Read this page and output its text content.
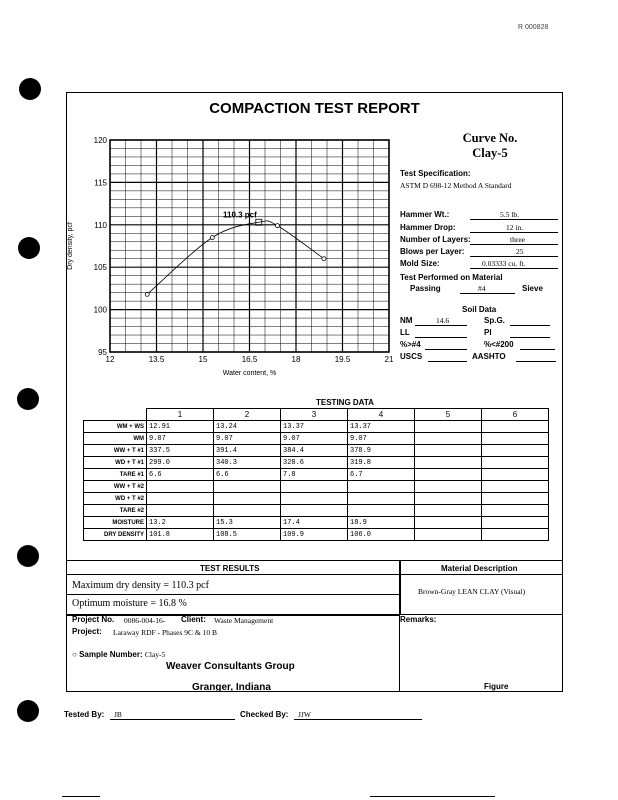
R 000828
COMPACTION TEST REPORT
12	13.5	15	16.5	18	19.5	21
95
100
105
110
115
120
Water content, %
Dry density, pcf
110.3 pcf
Curve No.
Clay-5
Test Specification:
ASTM D 698-12 Method A Standard
Hammer Wt.:	5.5 lb.
Hammer Drop:	12 in.
Number of Layers:	three
Blows per Layer:	25
Mold Size:	0.03333 cu. ft.
Test Performed on Material
Passing	#4	Sieve
Soil Data
NM	14.6	Sp.G.
LL	PI
%>#4	%<#200
USCS	AASHTO
TESTING DATA
	1	2	3	4	5	6
WM + WS	12.91	13.24	13.37	13.37		
WM	9.07	9.07	9.07	9.07		
WW + T #1	337.5	391.4	384.4	378.9		
WD + T #1	299.0	340.3	328.6	319.8		
TARE #1	6.6	6.6	7.8	6.7		
WW + T #2						
WD + T #2						
TARE #2						
MOISTURE	13.2	15.3	17.4	18.9		
DRY DENSITY	101.8	108.5	109.9	106.0		
TEST RESULTS
Maximum dry density = 110.3 pcf
Optimum moisture = 16.8 %
Material Description
Brown-Gray LEAN CLAY (Visual)
Project No. 0086-004-16- Client: Waste Management
Project: Laraway RDF - Phases 9C & 10 B
○ Sample Number: Clay-5
Weaver Consultants Group
Granger, Indiana
Remarks:
Figure
Tested By: JB	Checked By: JJW
